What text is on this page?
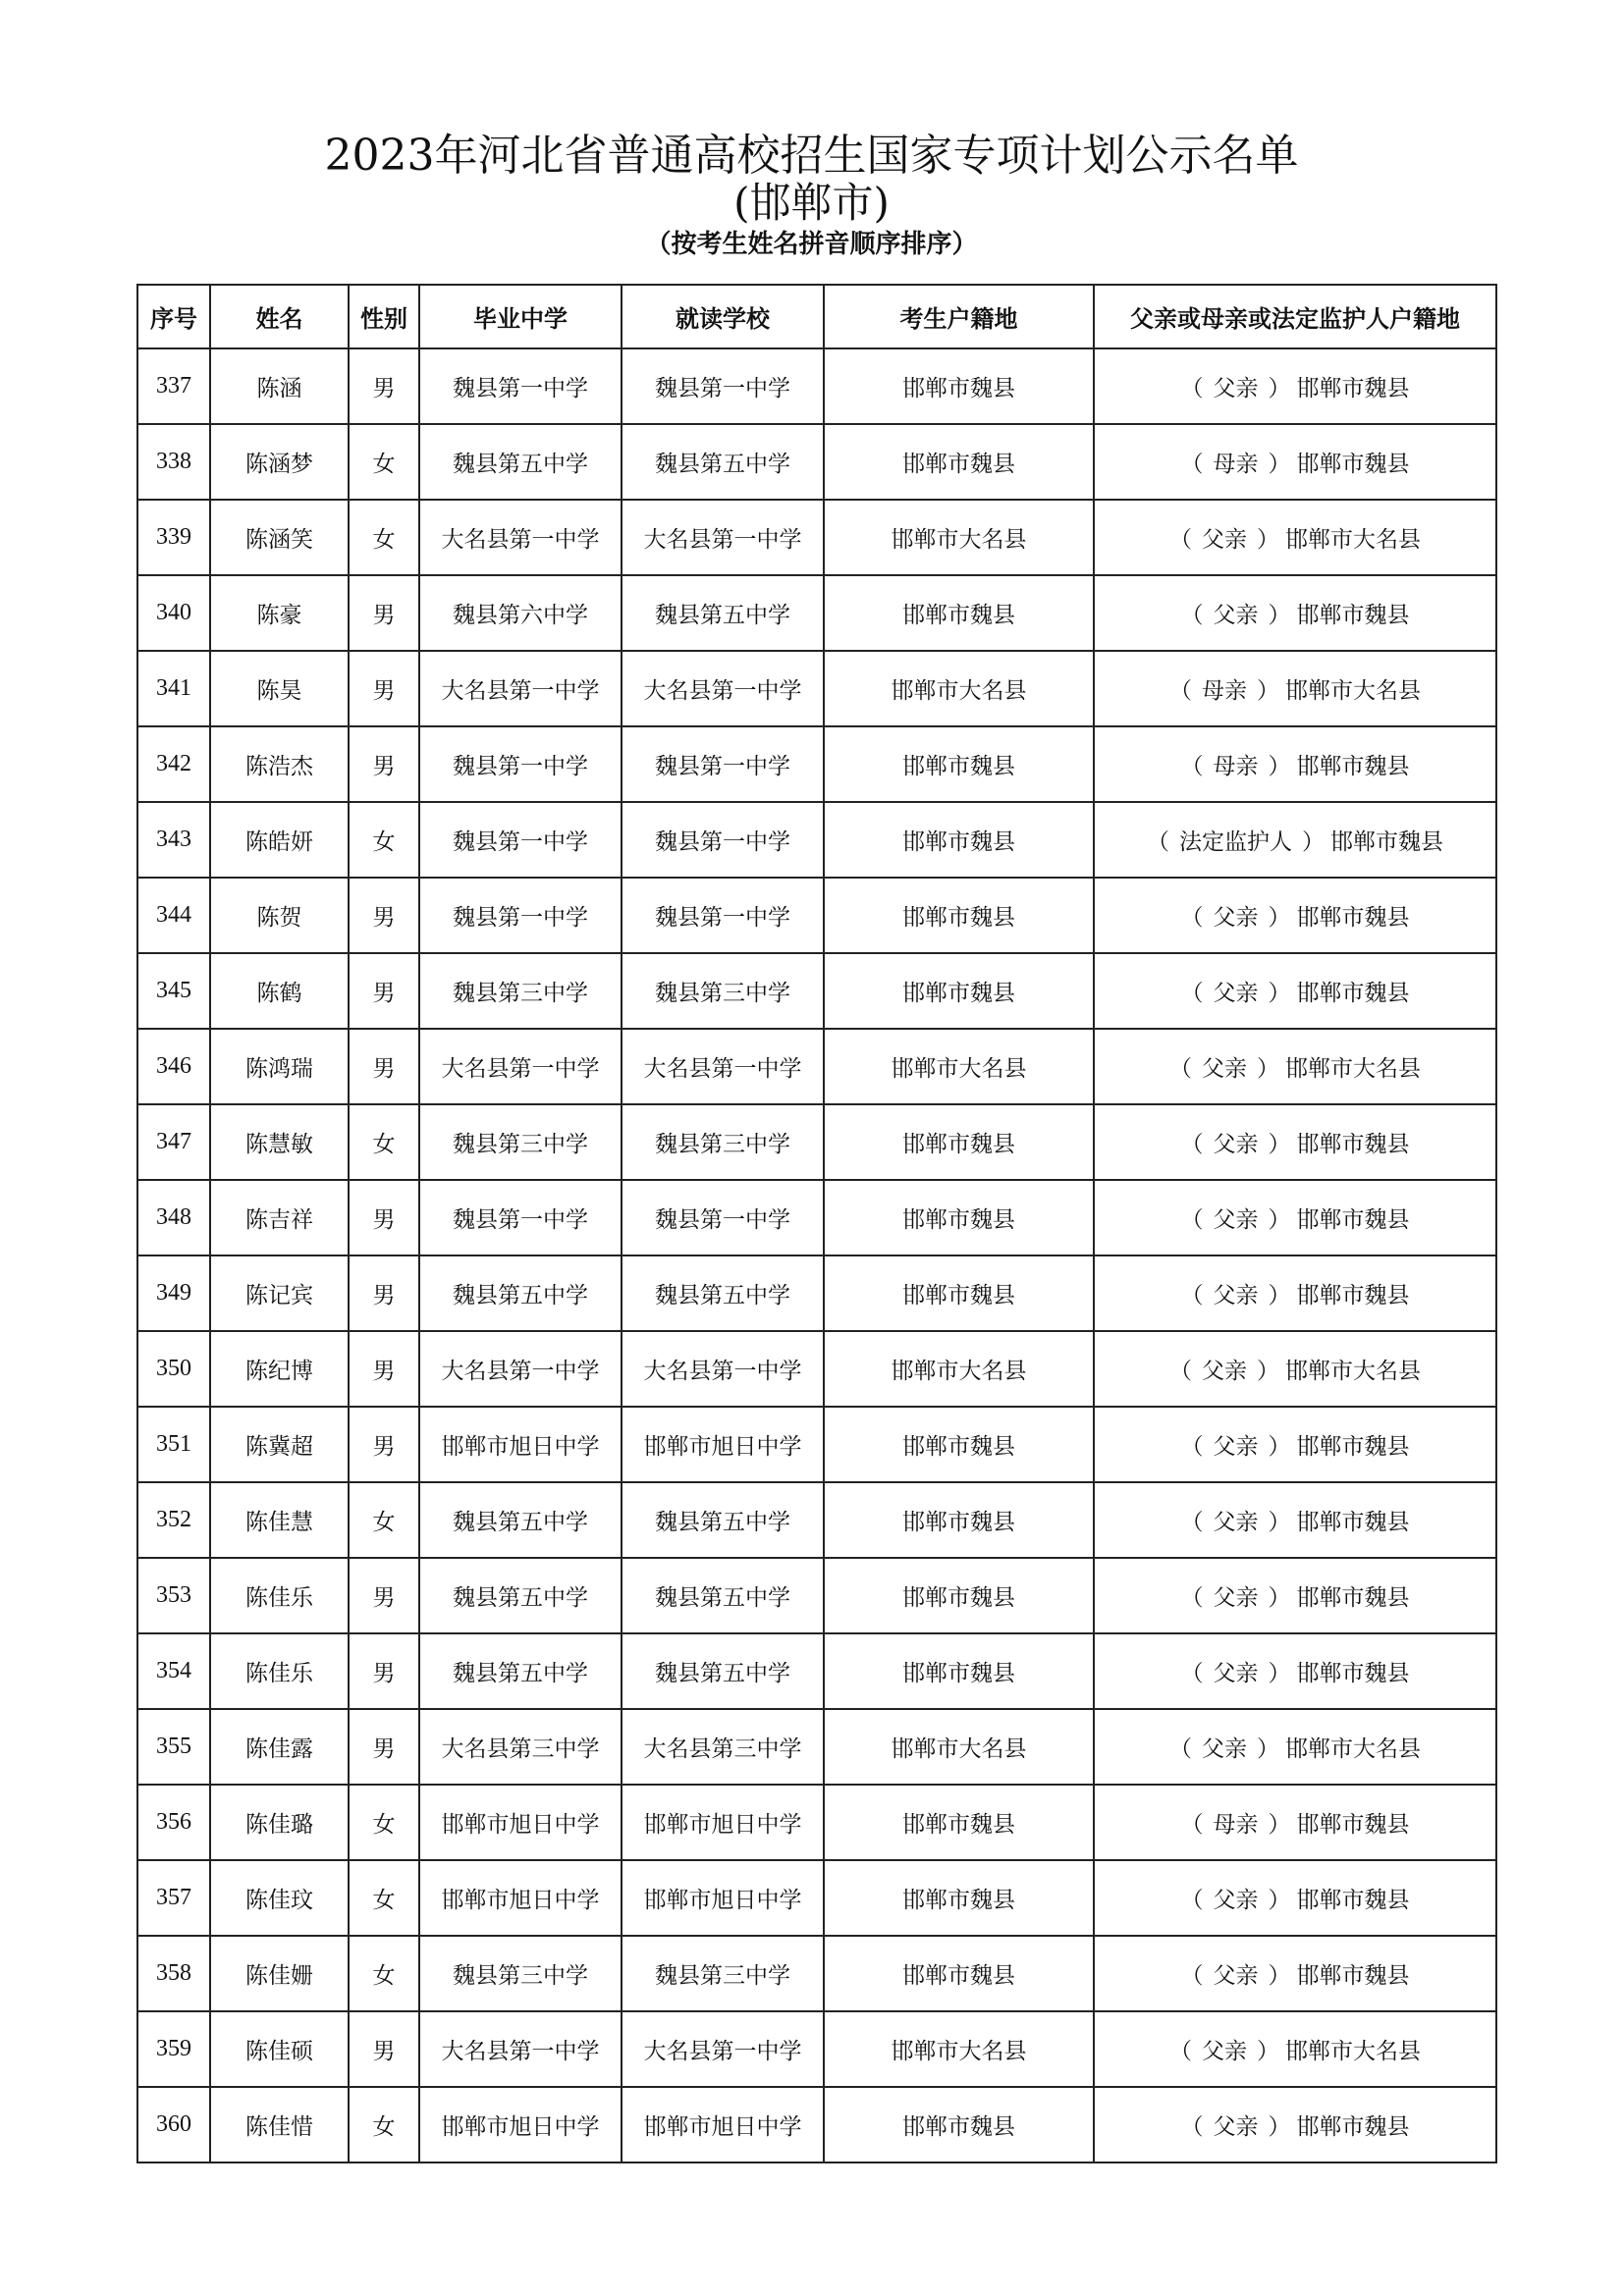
2023年河北省普通高校招生国家专项计划公示名单
(邯郸市)
（按考生姓名拼音顺序排序）
序号	姓名	性别	毕业中学	就读学校	考生户籍地	父亲或母亲或法定监护人户籍地
337	陈涵	男	魏县第一中学	魏县第一中学	邯郸市魏县	（ 父亲 ） 邯郸市魏县
338	陈涵梦	女	魏县第五中学	魏县第五中学	邯郸市魏县	（ 母亲 ） 邯郸市魏县
339	陈涵笑	女	大名县第一中学	大名县第一中学	邯郸市大名县	（ 父亲 ） 邯郸市大名县
340	陈豪	男	魏县第六中学	魏县第五中学	邯郸市魏县	（ 父亲 ） 邯郸市魏县
341	陈昊	男	大名县第一中学	大名县第一中学	邯郸市大名县	（ 母亲 ） 邯郸市大名县
342	陈浩杰	男	魏县第一中学	魏县第一中学	邯郸市魏县	（ 母亲 ） 邯郸市魏县
343	陈皓妍	女	魏县第一中学	魏县第一中学	邯郸市魏县	（ 法定监护人 ） 邯郸市魏县
344	陈贺	男	魏县第一中学	魏县第一中学	邯郸市魏县	（ 父亲 ） 邯郸市魏县
345	陈鹤	男	魏县第三中学	魏县第三中学	邯郸市魏县	（ 父亲 ） 邯郸市魏县
346	陈鸿瑞	男	大名县第一中学	大名县第一中学	邯郸市大名县	（ 父亲 ） 邯郸市大名县
347	陈慧敏	女	魏县第三中学	魏县第三中学	邯郸市魏县	（ 父亲 ） 邯郸市魏县
348	陈吉祥	男	魏县第一中学	魏县第一中学	邯郸市魏县	（ 父亲 ） 邯郸市魏县
349	陈记宾	男	魏县第五中学	魏县第五中学	邯郸市魏县	（ 父亲 ） 邯郸市魏县
350	陈纪博	男	大名县第一中学	大名县第一中学	邯郸市大名县	（ 父亲 ） 邯郸市大名县
351	陈冀超	男	邯郸市旭日中学	邯郸市旭日中学	邯郸市魏县	（ 父亲 ） 邯郸市魏县
352	陈佳慧	女	魏县第五中学	魏县第五中学	邯郸市魏县	（ 父亲 ） 邯郸市魏县
353	陈佳乐	男	魏县第五中学	魏县第五中学	邯郸市魏县	（ 父亲 ） 邯郸市魏县
354	陈佳乐	男	魏县第五中学	魏县第五中学	邯郸市魏县	（ 父亲 ） 邯郸市魏县
355	陈佳露	男	大名县第三中学	大名县第三中学	邯郸市大名县	（ 父亲 ） 邯郸市大名县
356	陈佳璐	女	邯郸市旭日中学	邯郸市旭日中学	邯郸市魏县	（ 母亲 ） 邯郸市魏县
357	陈佳玟	女	邯郸市旭日中学	邯郸市旭日中学	邯郸市魏县	（ 父亲 ） 邯郸市魏县
358	陈佳姗	女	魏县第三中学	魏县第三中学	邯郸市魏县	（ 父亲 ） 邯郸市魏县
359	陈佳硕	男	大名县第一中学	大名县第一中学	邯郸市大名县	（ 父亲 ） 邯郸市大名县
360	陈佳惜	女	邯郸市旭日中学	邯郸市旭日中学	邯郸市魏县	（ 父亲 ） 邯郸市魏县
